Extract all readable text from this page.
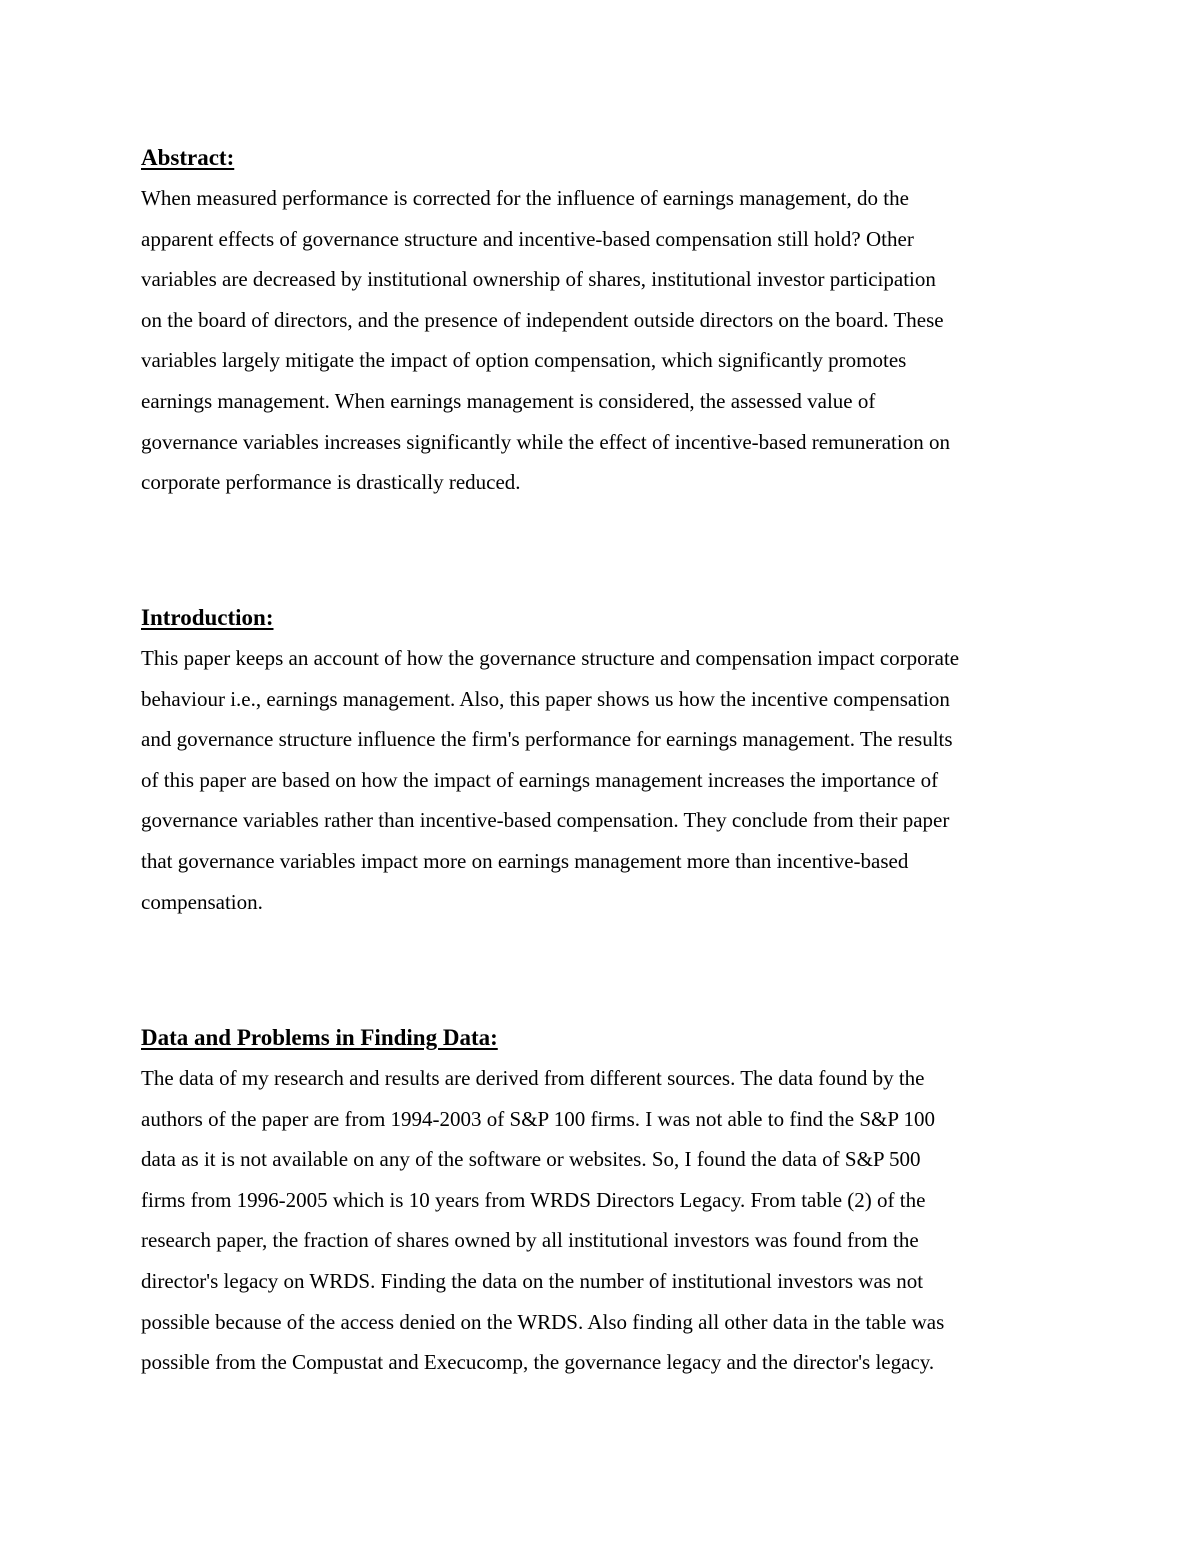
Abstract:
When measured performance is corrected for the influence of earnings management, do the
apparent effects of governance structure and incentive-based compensation still hold? Other
variables are decreased by institutional ownership of shares, institutional investor participation
on the board of directors, and the presence of independent outside directors on the board. These
variables largely mitigate the impact of option compensation, which significantly promotes
earnings management. When earnings management is considered, the assessed value of
governance variables increases significantly while the effect of incentive-based remuneration on
corporate performance is drastically reduced.
Introduction:
This paper keeps an account of how the governance structure and compensation impact corporate
behaviour i.e., earnings management. Also, this paper shows us how the incentive compensation
and governance structure influence the firm's performance for earnings management. The results
of this paper are based on how the impact of earnings management increases the importance of
governance variables rather than incentive-based compensation. They conclude from their paper
that governance variables impact more on earnings management more than incentive-based
compensation.
Data and Problems in Finding Data:
The data of my research and results are derived from different sources. The data found by the
authors of the paper are from 1994-2003 of S&P 100 firms. I was not able to find the S&P 100
data as it is not available on any of the software or websites. So, I found the data of S&P 500
firms from 1996-2005 which is 10 years from WRDS Directors Legacy. From table (2) of the
research paper, the fraction of shares owned by all institutional investors was found from the
director's legacy on WRDS. Finding the data on the number of institutional investors was not
possible because of the access denied on the WRDS. Also finding all other data in the table was
possible from the Compustat and Execucomp, the governance legacy and the director's legacy.
